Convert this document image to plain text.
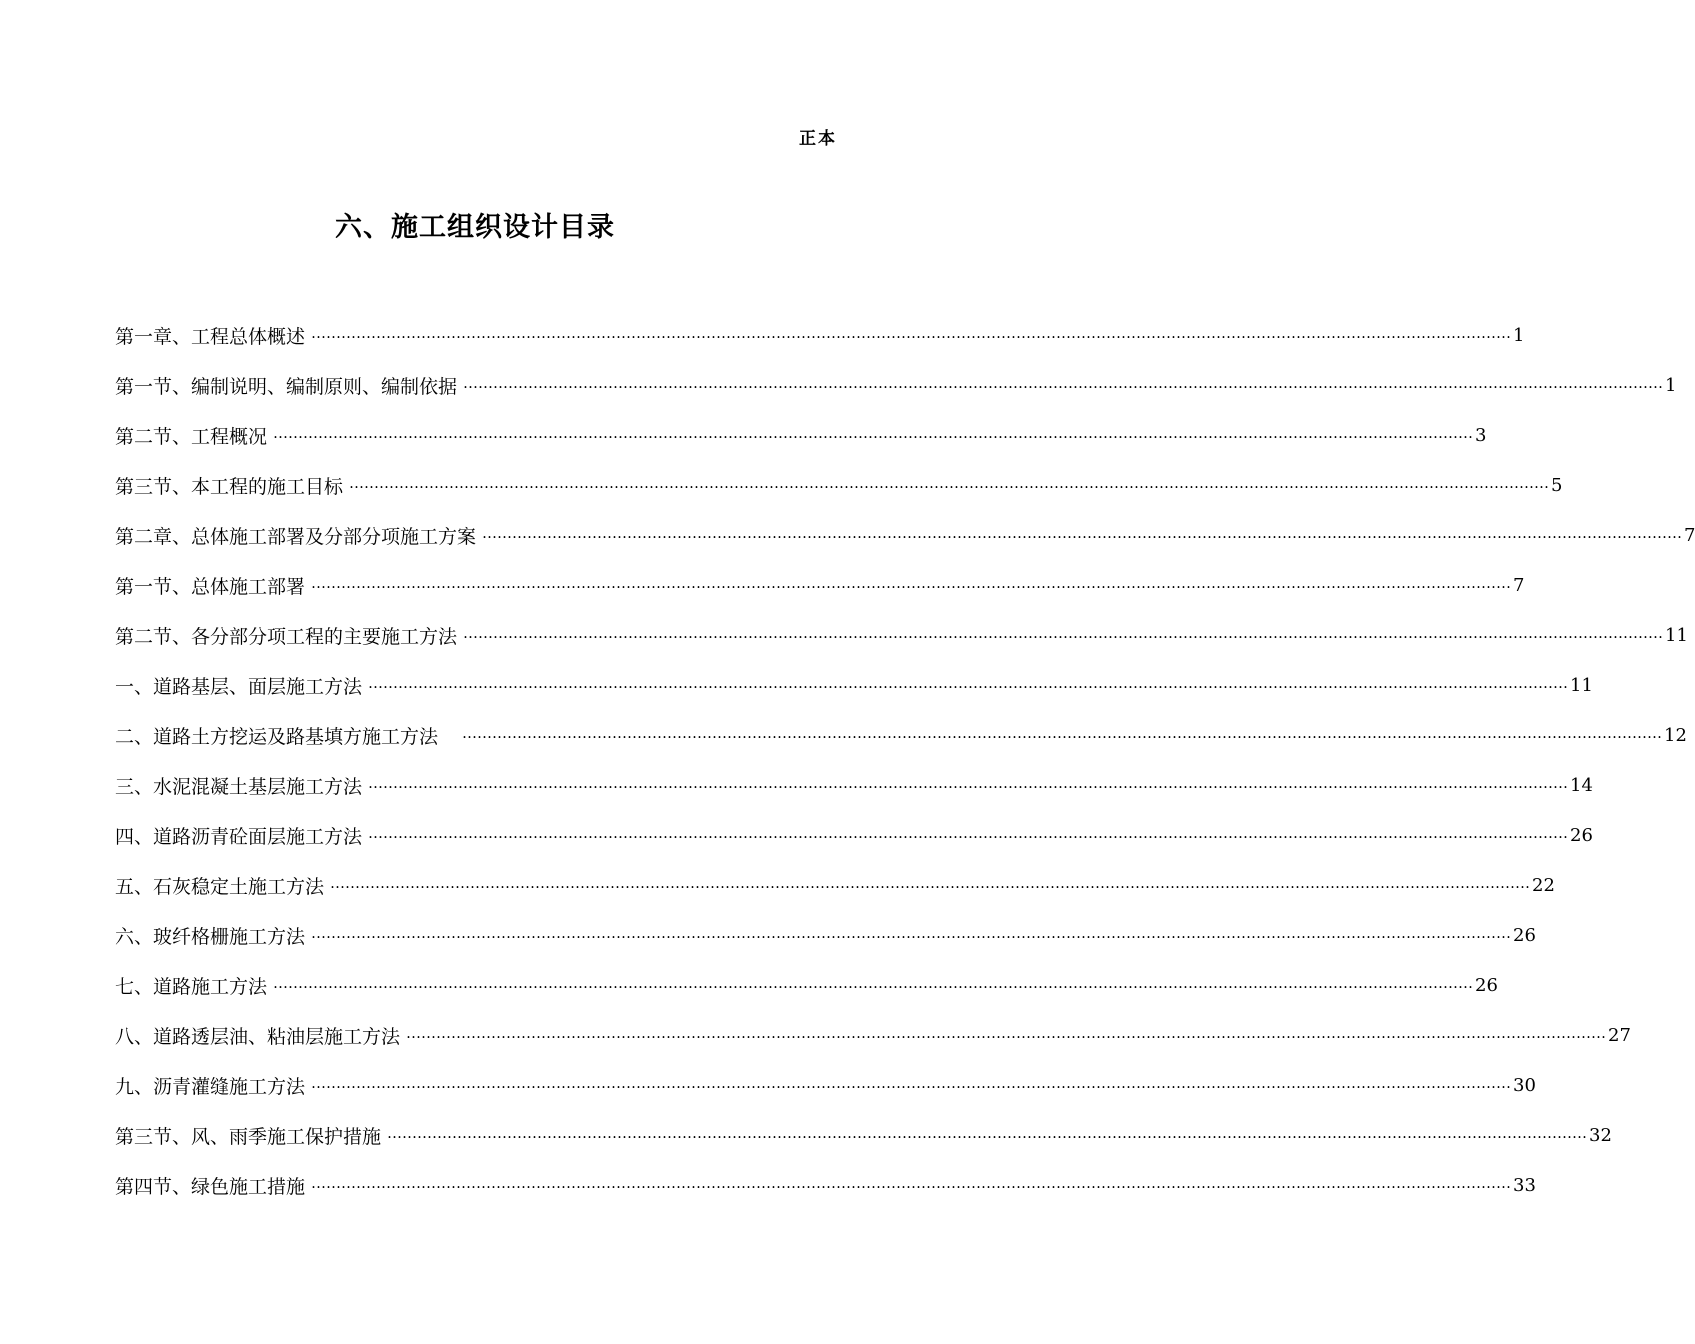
正本
六、施工组织设计目录
第一章、工程总体概述 …………………………………………………………………………………………………………………………………………………………………………………………………………………… 1
第一节、编制说明、编制原则、编制依据 …………………………………………………………………………………………………………………………………………………………………………………………………………………… 1
第二节、工程概况 …………………………………………………………………………………………………………………………………………………………………………………………………………………… 3
第三节、本工程的施工目标 …………………………………………………………………………………………………………………………………………………………………………………………………………………… 5
第二章、总体施工部署及分部分项施工方案 …………………………………………………………………………………………………………………………………………………………………………………………………………………… 7
第一节、总体施工部署 …………………………………………………………………………………………………………………………………………………………………………………………………………………… 7
第二节、各分部分项工程的主要施工方法 …………………………………………………………………………………………………………………………………………………………………………………………………………………… 11
一、道路基层、面层施工方法 …………………………………………………………………………………………………………………………………………………………………………………………………………………… 11
二、道路土方挖运及路基填方施工方法	…………………………………………………………………………………………………………………………………………………………………………………………………………………… 12
三、水泥混凝土基层施工方法 …………………………………………………………………………………………………………………………………………………………………………………………………………………… 14
四、道路沥青砼面层施工方法 …………………………………………………………………………………………………………………………………………………………………………………………………………………… 26
五、石灰稳定土施工方法 …………………………………………………………………………………………………………………………………………………………………………………………………………………… 22
六、玻纤格栅施工方法 …………………………………………………………………………………………………………………………………………………………………………………………………………………… 26
七、道路施工方法 …………………………………………………………………………………………………………………………………………………………………………………………………………………… 26
八、道路透层油、粘油层施工方法 …………………………………………………………………………………………………………………………………………………………………………………………………………………… 27
九、沥青灌缝施工方法 …………………………………………………………………………………………………………………………………………………………………………………………………………………… 30
第三节、风、雨季施工保护措施 …………………………………………………………………………………………………………………………………………………………………………………………………………………… 32
第四节、绿色施工措施 …………………………………………………………………………………………………………………………………………………………………………………………………………………… 33
